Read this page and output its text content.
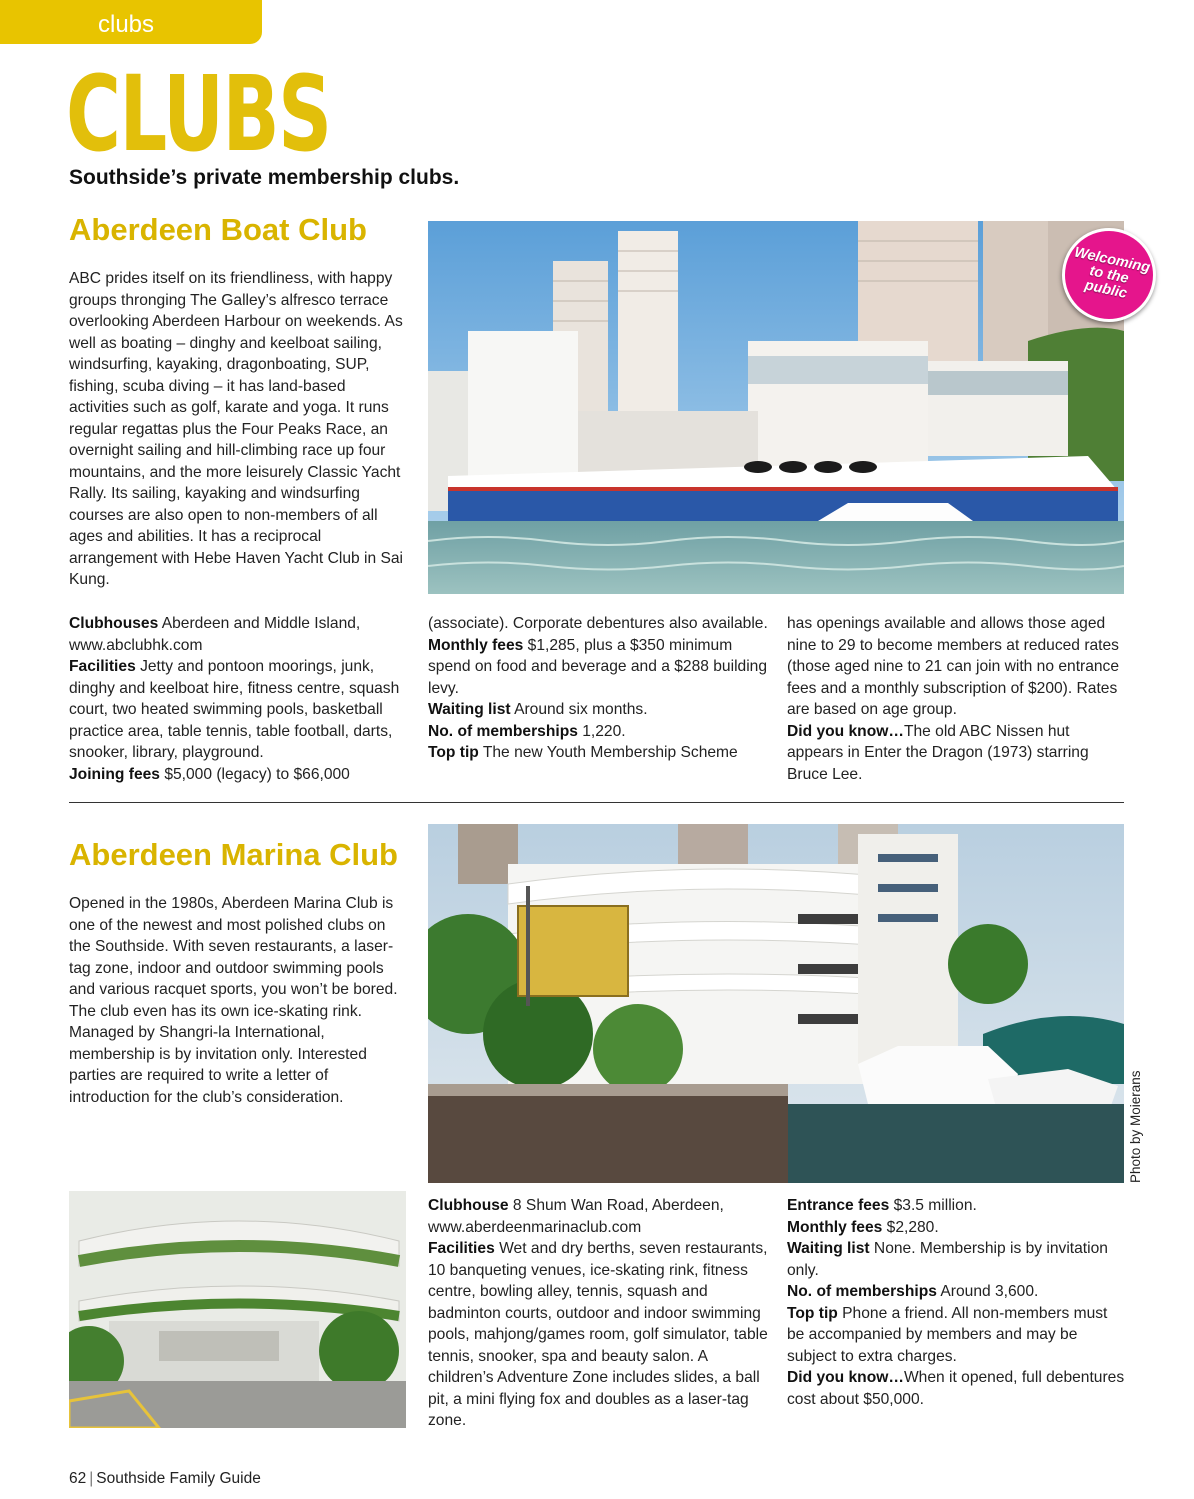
clubs
CLUBS
Southside’s private membership clubs.
Aberdeen Boat Club

ABC prides itself on its friendliness, with happy groups thronging The Galley’s alfresco terrace overlooking Aberdeen Harbour on weekends. As well as boating – dinghy and keelboat sailing, windsurfing, kayaking, dragonboating, SUP, fishing, scuba diving – it has land-based activities such as golf, karate and yoga. It runs regular regattas plus the Four Peaks Race, an overnight sailing and hill-climbing race up four mountains, and the more leisurely Classic Yacht Rally. Its sailing, kayaking and windsurfing courses are also open to non-members of all ages and abilities. It has a reciprocal arrangement with Hebe Haven Yacht Club in Sai Kung.

Welcoming to the public

Clubhouses Aberdeen and Middle Island, www.abclubhk.com

Facilities Jetty and pontoon moorings, junk, dinghy and keelboat hire, fitness centre, squash court, two heated swimming pools, basketball practice area, table tennis, table football, darts, snooker, library, playground.

Joining fees $5,000 (legacy) to $66,000

(associate). Corporate debentures also available.

Monthly fees $1,285, plus a $350 minimum spend on food and beverage and a $288 building levy.

Waiting list Around six months.

No. of memberships 1,220.

Top tip The new Youth Membership Scheme

has openings available and allows those aged nine to 29 to become members at reduced rates (those aged nine to 21 can join with no entrance fees and a monthly subscription of $200). Rates are based on age group.

Did you know…The old ABC Nissen hut appears in Enter the Dragon (1973) starring Bruce Lee.

Aberdeen Marina Club

Opened in the 1980s, Aberdeen Marina Club is one of the newest and most polished clubs on the Southside. With seven restaurants, a laser-tag zone, indoor and outdoor swimming pools and various racquet sports, you won’t be bored. The club even has its own ice-skating rink. Managed by Shangri-la International, membership is by invitation only. Interested parties are required to write a letter of introduction for the club’s consideration.	Photo by Moierans

Clubhouse 8 Shum Wan Road, Aberdeen, www.aberdeenmarinaclub.com

Facilities Wet and dry berths, seven restaurants, 10 banqueting venues, ice-skating rink, fitness centre, bowling alley, tennis, squash and badminton courts, outdoor and indoor swimming pools, mahjong/games room, golf simulator, table tennis, snooker, spa and beauty salon. A children’s Adventure Zone includes slides, a ball pit, a mini flying fox and doubles as a laser-tag zone.

Entrance fees $3.5 million.

Monthly fees $2,280.

Waiting list None. Membership is by invitation only.

No. of memberships Around 3,600.

Top tip Phone a friend. All non-members must be accompanied by members and may be subject to extra charges.

Did you know…When it opened, full debentures cost about $50,000.

62 | Southside Family Guide
